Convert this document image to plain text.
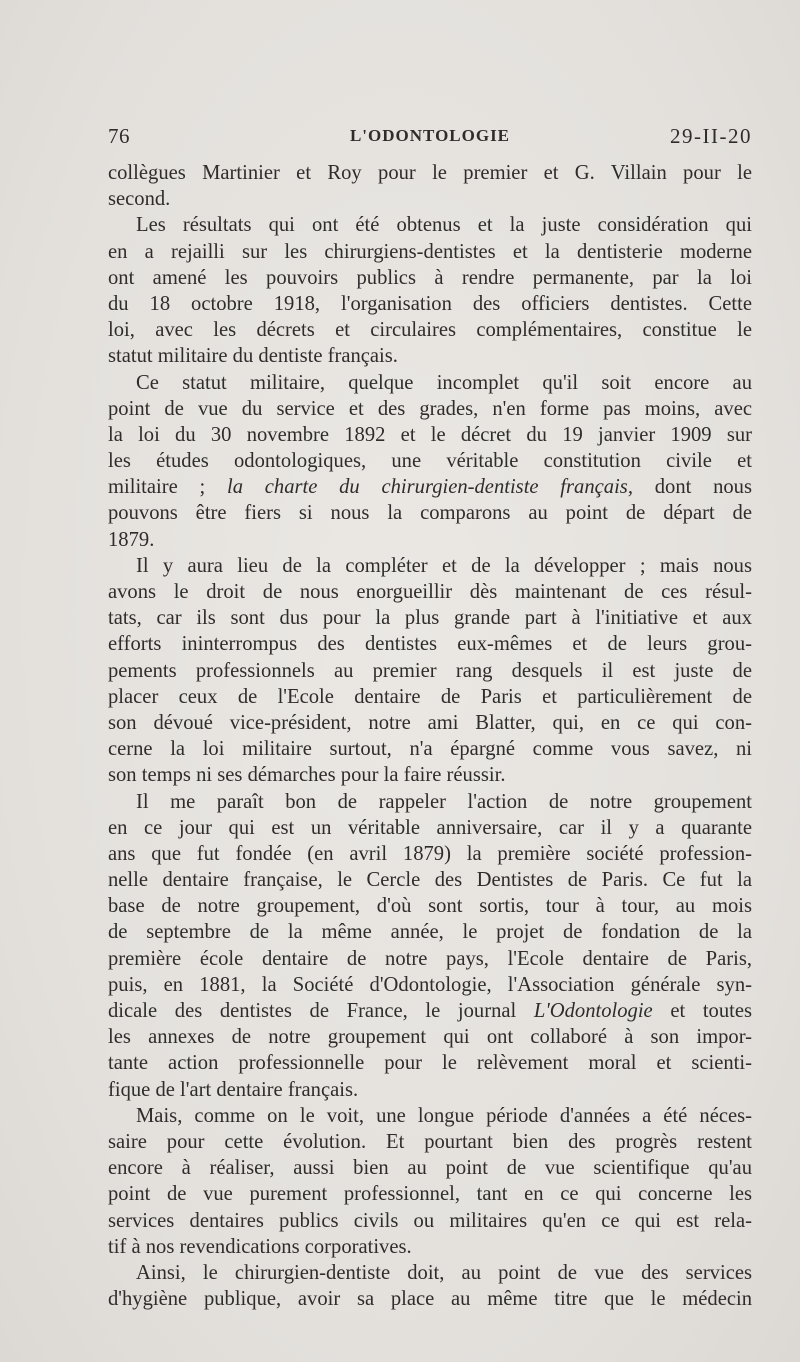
76	L'ODONTOLOGIE	29-II-20
collègues Martinier et Roy pour le premier et G. Villain pour le
second.
Les résultats qui ont été obtenus et la juste considération qui
en a rejailli sur les chirurgiens-dentistes et la dentisterie moderne
ont amené les pouvoirs publics à rendre permanente, par la loi
du 18 octobre 1918, l'organisation des officiers dentistes. Cette
loi, avec les décrets et circulaires complémentaires, constitue le
statut militaire du dentiste français.
Ce statut militaire, quelque incomplet qu'il soit encore au
point de vue du service et des grades, n'en forme pas moins, avec
la loi du 30 novembre 1892 et le décret du 19 janvier 1909 sur
les études odontologiques, une véritable constitution civile et
militaire ; la charte du chirurgien-dentiste français, dont nous
pouvons être fiers si nous la comparons au point de départ de
1879.
Il y aura lieu de la compléter et de la développer ; mais nous
avons le droit de nous enorgueillir dès maintenant de ces résul-
tats, car ils sont dus pour la plus grande part à l'initiative et aux
efforts ininterrompus des dentistes eux-mêmes et de leurs grou-
pements professionnels au premier rang desquels il est juste de
placer ceux de l'Ecole dentaire de Paris et particulièrement de
son dévoué vice-président, notre ami Blatter, qui, en ce qui con-
cerne la loi militaire surtout, n'a épargné comme vous savez, ni
son temps ni ses démarches pour la faire réussir.
Il me paraît bon de rappeler l'action de notre groupement
en ce jour qui est un véritable anniversaire, car il y a quarante
ans que fut fondée (en avril 1879) la première société profession-
nelle dentaire française, le Cercle des Dentistes de Paris. Ce fut la
base de notre groupement, d'où sont sortis, tour à tour, au mois
de septembre de la même année, le projet de fondation de la
première école dentaire de notre pays, l'Ecole dentaire de Paris,
puis, en 1881, la Société d'Odontologie, l'Association générale syn-
dicale des dentistes de France, le journal L'Odontologie et toutes
les annexes de notre groupement qui ont collaboré à son impor-
tante action professionnelle pour le relèvement moral et scienti-
fique de l'art dentaire français.
Mais, comme on le voit, une longue période d'années a été néces-
saire pour cette évolution. Et pourtant bien des progrès restent
encore à réaliser, aussi bien au point de vue scientifique qu'au
point de vue purement professionnel, tant en ce qui concerne les
services dentaires publics civils ou militaires qu'en ce qui est rela-
tif à nos revendications corporatives.
Ainsi, le chirurgien-dentiste doit, au point de vue des services
d'hygiène publique, avoir sa place au même titre que le médecin
